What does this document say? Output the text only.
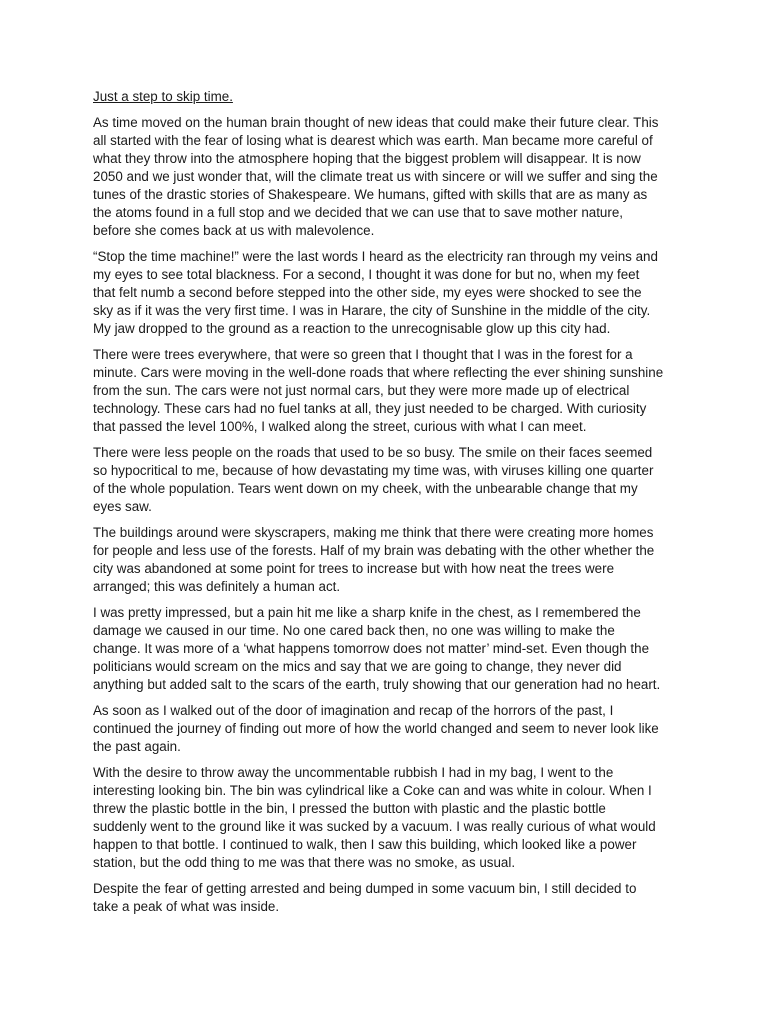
Just a step to skip time.

As time moved on the human brain thought of new ideas that could make their future clear. This
all started with the fear of losing what is dearest which was earth. Man became more careful of
what they throw into the atmosphere hoping that the biggest problem will disappear. It is now
2050 and we just wonder that, will the climate treat us with sincere or will we suffer and sing the
tunes of the drastic stories of Shakespeare. We humans, gifted with skills that are as many as
the atoms found in a full stop and we decided that we can use that to save mother nature,
before she comes back at us with malevolence.

“Stop the time machine!” were the last words I heard as the electricity ran through my veins and
my eyes to see total blackness. For a second, I thought it was done for but no, when my feet
that felt numb a second before stepped into the other side, my eyes were shocked to see the
sky as if it was the very first time. I was in Harare, the city of Sunshine in the middle of the city.
My jaw dropped to the ground as a reaction to the unrecognisable glow up this city had.

There were trees everywhere, that were so green that I thought that I was in the forest for a
minute. Cars were moving in the well-done roads that where reflecting the ever shining sunshine
from the sun. The cars were not just normal cars, but they were more made up of electrical
technology. These cars had no fuel tanks at all, they just needed to be charged. With curiosity
that passed the level 100%, I walked along the street, curious with what I can meet.

There were less people on the roads that used to be so busy. The smile on their faces seemed
so hypocritical to me, because of how devastating my time was, with viruses killing one quarter
of the whole population. Tears went down on my cheek, with the unbearable change that my
eyes saw.

The buildings around were skyscrapers, making me think that there were creating more homes
for people and less use of the forests. Half of my brain was debating with the other whether the
city was abandoned at some point for trees to increase but with how neat the trees were
arranged; this was definitely a human act.

I was pretty impressed, but a pain hit me like a sharp knife in the chest, as I remembered the
damage we caused in our time. No one cared back then, no one was willing to make the
change. It was more of a ‘what happens tomorrow does not matter’ mind-set. Even though the
politicians would scream on the mics and say that we are going to change, they never did
anything but added salt to the scars of the earth, truly showing that our generation had no heart.

As soon as I walked out of the door of imagination and recap of the horrors of the past, I
continued the journey of finding out more of how the world changed and seem to never look like
the past again.

With the desire to throw away the uncommentable rubbish I had in my bag, I went to the
interesting looking bin. The bin was cylindrical like a Coke can and was white in colour. When I
threw the plastic bottle in the bin, I pressed the button with plastic and the plastic bottle
suddenly went to the ground like it was sucked by a vacuum. I was really curious of what would
happen to that bottle. I continued to walk, then I saw this building, which looked like a power
station, but the odd thing to me was that there was no smoke, as usual.

Despite the fear of getting arrested and being dumped in some vacuum bin, I still decided to
take a peak of what was inside.
